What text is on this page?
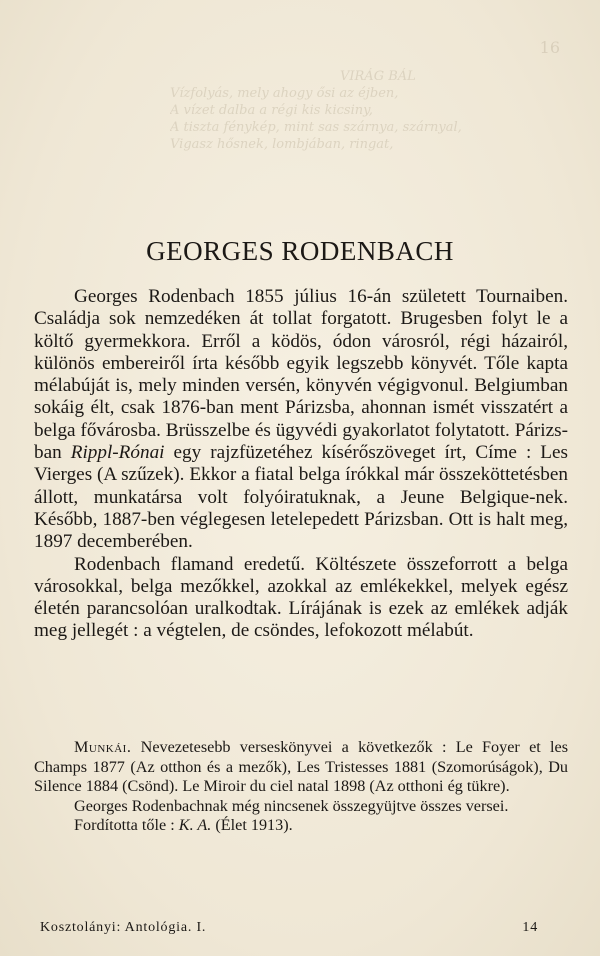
16
VIRÁG BÁL
Vízfolyás, mely ahogy ősi az éjben,
A vízet dalba a régi kis kicsiny,
A tiszta fénykép, mint sas szárnya, szárnyal,
Vigasz hősnek, lombjában, ringat,
GEORGES RODENBACH

Georges Rodenbach 1855 július 16-án született Tournaiben. Családja sok nemzedéken át tollat forgatott. Brugesben folyt le a költő gyermekkora. Erről a ködös, ódon városról, régi házairól, különös embereiről írta később egyik legszebb könyvét. Tőle kapta mélabúját is, mely minden versén, könyvén végigvonul. Belgiumban sokáig élt, csak 1876-ban ment Párizsba, ahonnan ismét visszatért a belga fővárosba. Brüsszelbe és ügyvédi gyakorlatot folytatott. Párizsban Rippl-Rónai egy rajzfüzetéhez kísérőszöveget írt, Címe : Les Vierges (A szűzek). Ekkor a fiatal belga írókkal már összeköttetésben állott, munkatársa volt folyóiratuknak, a Jeune Belgique-nek. Később, 1887-ben véglegesen letelepedett Párizsban. Ott is halt meg, 1897 decemberében.

Rodenbach flamand eredetű. Költészete összeforrott a belga városokkal, belga mezőkkel, azokkal az emlékekkel, melyek egész életén parancsolóan uralkodtak. Lírájának is ezek az emlékek adják meg jellegét : a végtelen, de csöndes, lefokozott mélabút.

Munkái. Nevezetesebb verseskönyvei a következők : Le Foyer et les Champs 1877 (Az otthon és a mezők), Les Tristesses 1881 (Szomorúságok), Du Silence 1884 (Csönd). Le Miroir du ciel natal 1898 (Az otthoni ég tükre).

Georges Rodenbachnak még nincsenek összegyüjtve összes versei.

Fordította tőle : K. A. (Élet 1913).

Kosztolányi: Antológia. I.	14
